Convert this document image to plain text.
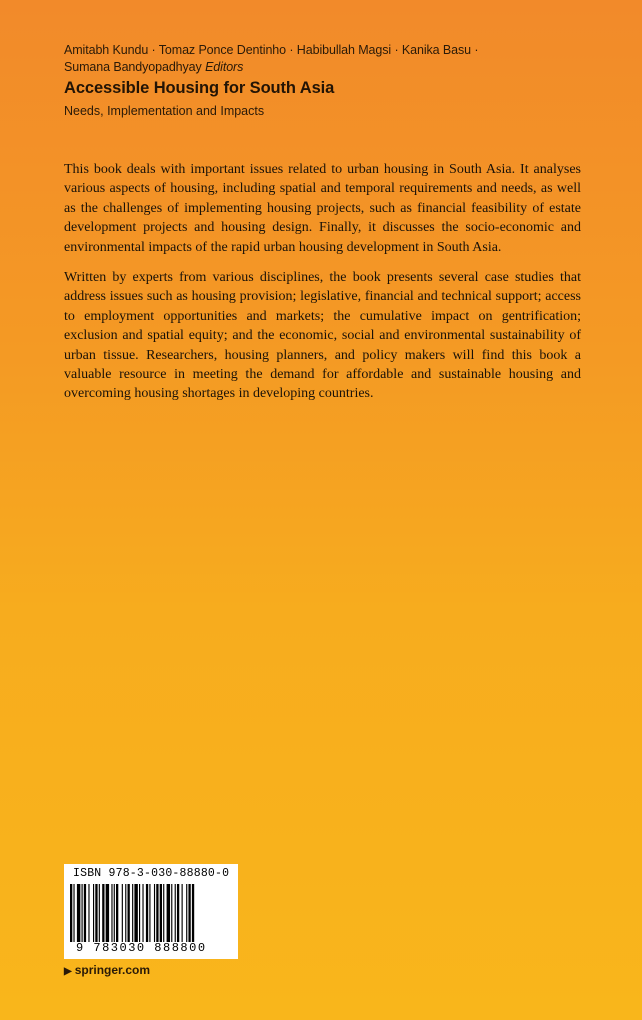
Amitabh Kundu · Tomaz Ponce Dentinho · Habibullah Magsi · Kanika Basu ·
Sumana Bandyopadhyay Editors
Accessible Housing for South Asia
Needs, Implementation and Impacts

This book deals with important issues related to urban housing in South Asia. It analyses various aspects of housing, including spatial and temporal requirements and needs, as well as the challenges of implementing housing projects, such as financial feasibility of estate development projects and housing design. Finally, it discusses the socio-economic and environmental impacts of the rapid urban housing development in South Asia.

Written by experts from various disciplines, the book presents several case studies that address issues such as housing provision; legislative, financial and technical support; access to employment opportunities and markets; the cumulative impact on gentrification; exclusion and spatial equity; and the economic, social and environmental sustainability of urban tissue. Researchers, housing planners, and policy makers will find this book a valuable resource in meeting the demand for affordable and sustainable housing and overcoming housing shortages in developing countries.

ISBN 978-3-030-88880-0
9 783030 888800
▶ springer.com
